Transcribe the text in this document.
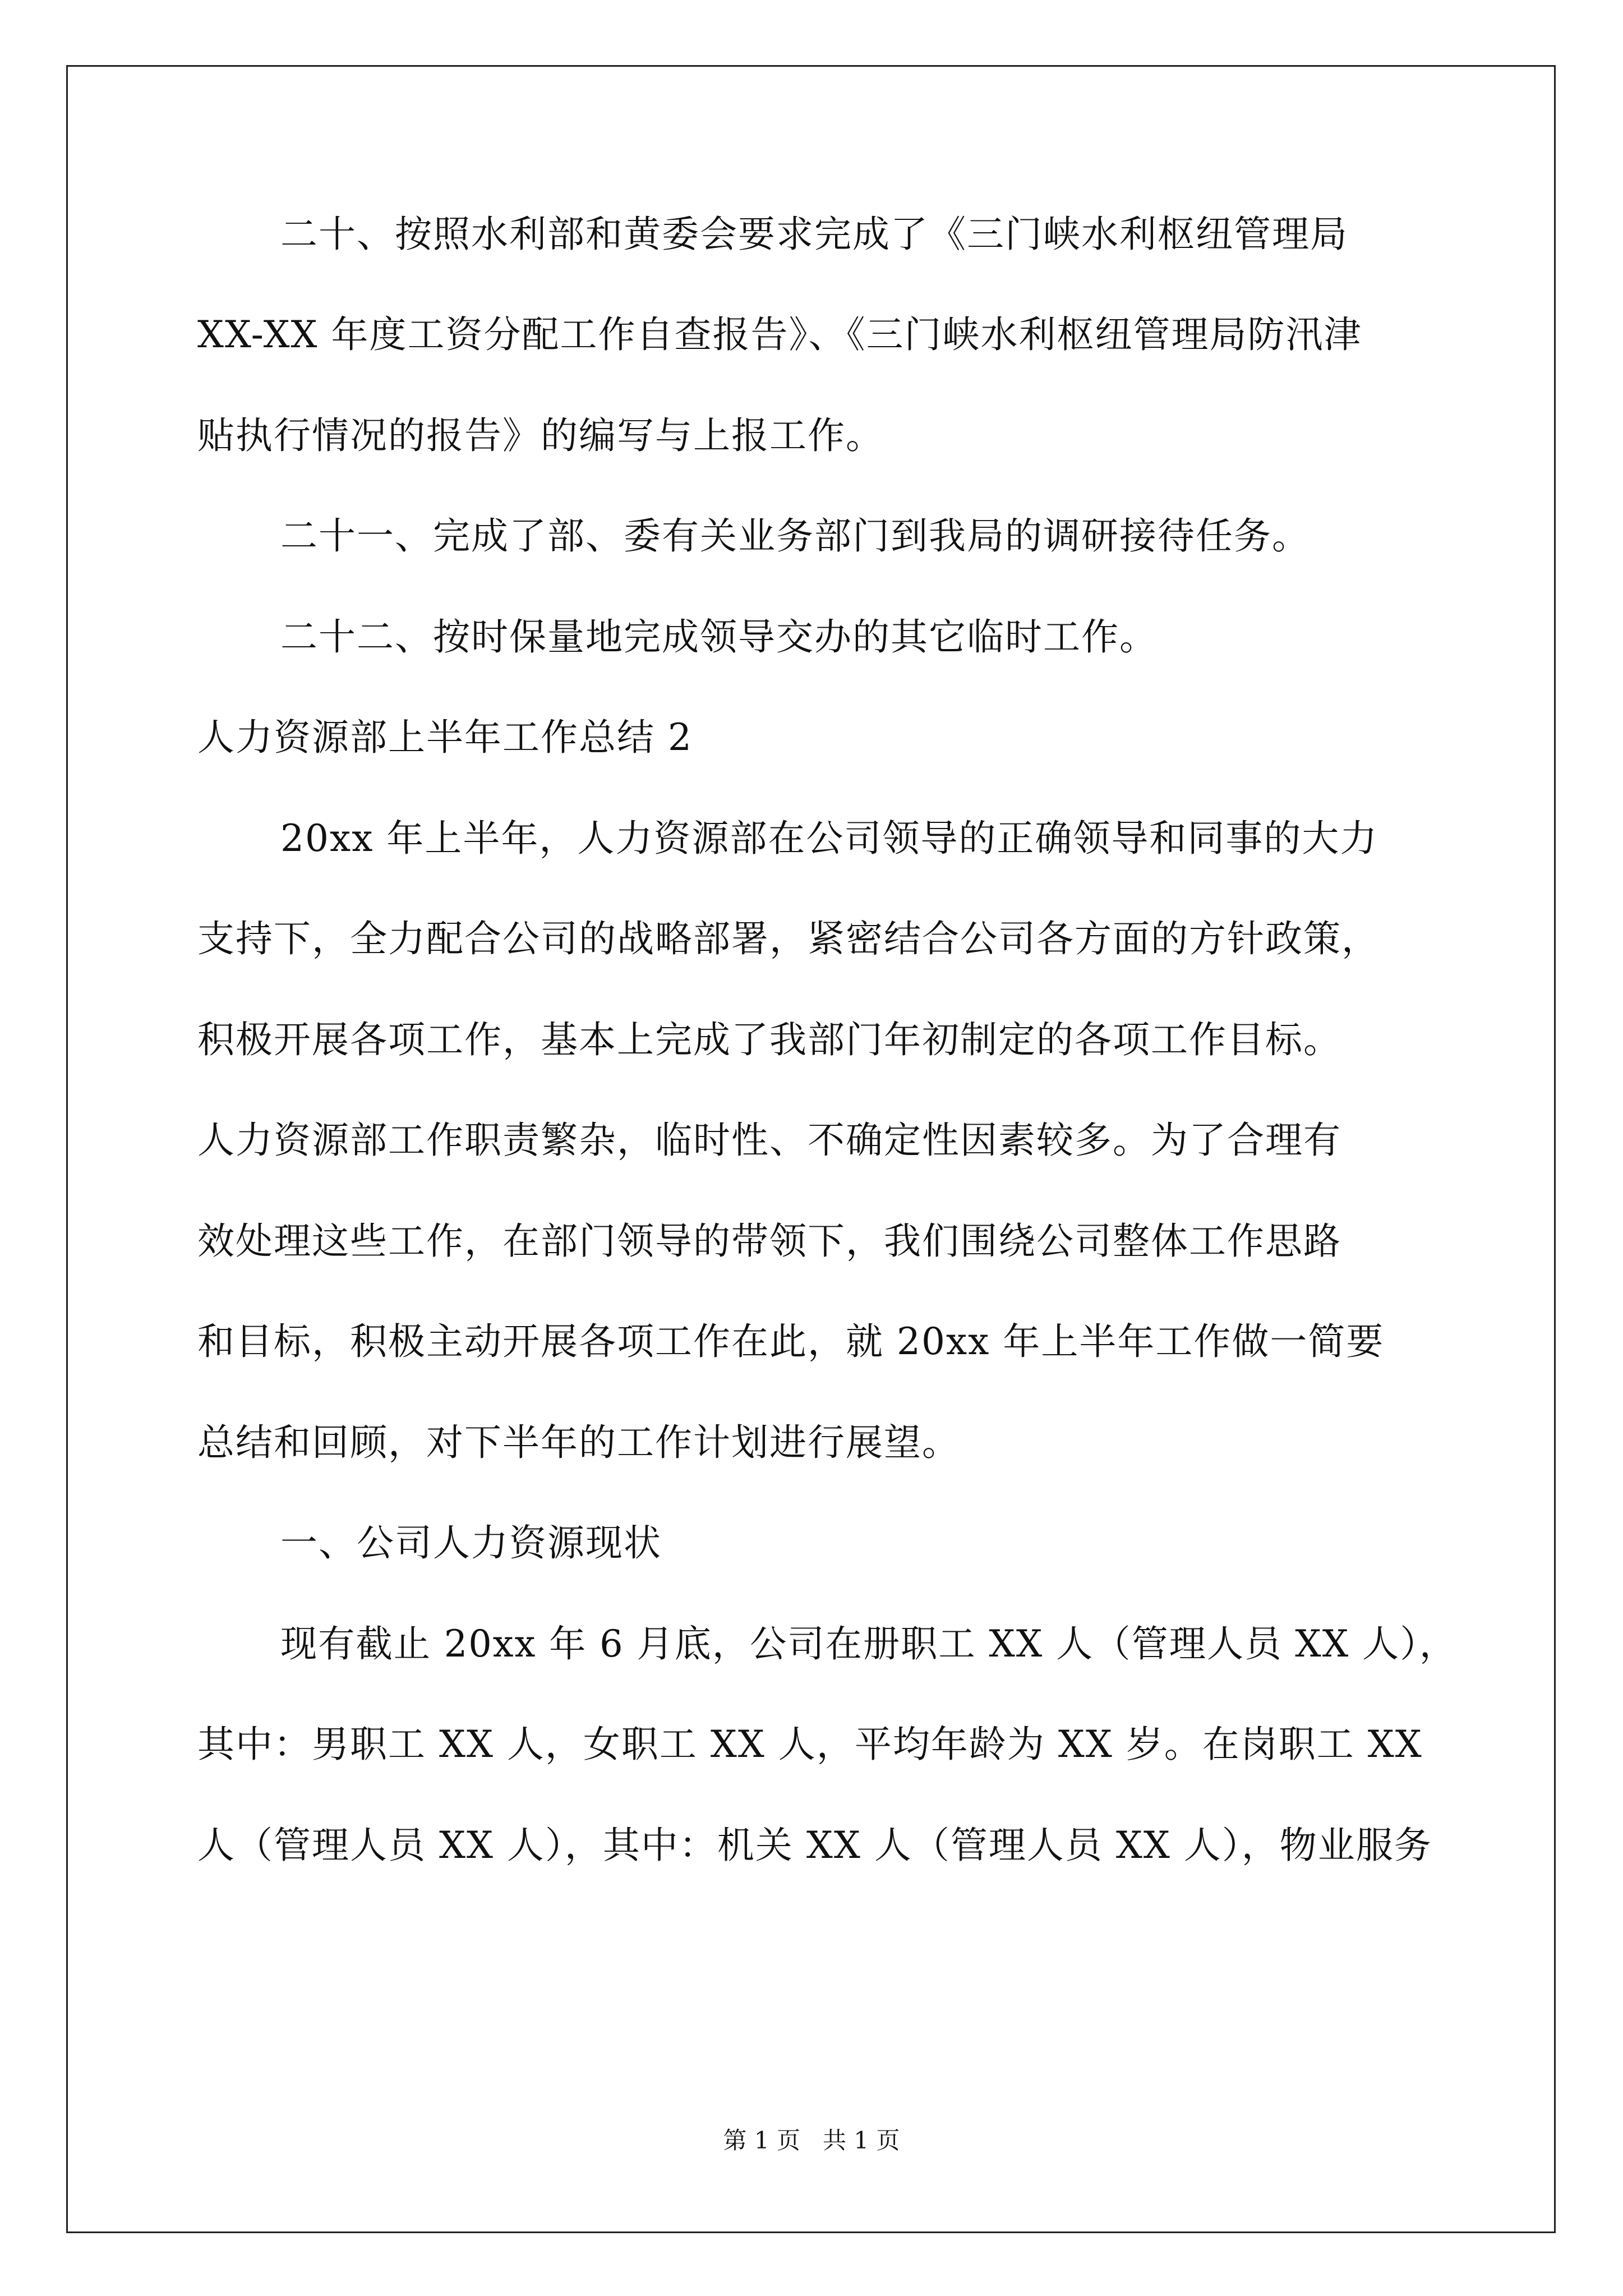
二十、按照水利部和黄委会要求完成了《三门峡水利枢纽管理局
XX-XX 年度工资分配工作自查报告》、《三门峡水利枢纽管理局防汛津
贴执行情况的报告》的编写与上报工作。
二十一、完成了部、委有关业务部门到我局的调研接待任务。
二十二、按时保量地完成领导交办的其它临时工作。
人力资源部上半年工作总结 2
20xx 年上半年，人力资源部在公司领导的正确领导和同事的大力
支持下，全力配合公司的战略部署，紧密结合公司各方面的方针政策，
积极开展各项工作，基本上完成了我部门年初制定的各项工作目标。
人力资源部工作职责繁杂，临时性、不确定性因素较多。为了合理有
效处理这些工作，在部门领导的带领下，我们围绕公司整体工作思路
和目标，积极主动开展各项工作在此，就 20xx 年上半年工作做一简要
总结和回顾，对下半年的工作计划进行展望。
一、公司人力资源现状
现有截止 20xx 年 6 月底，公司在册职工 XX 人（管理人员 XX 人），
其中：男职工 XX 人，女职工 XX 人，平均年龄为 XX 岁。在岗职工 XX
人（管理人员 XX 人），其中：机关 XX 人（管理人员 XX 人），物业服务
第 1 页   共 1 页
